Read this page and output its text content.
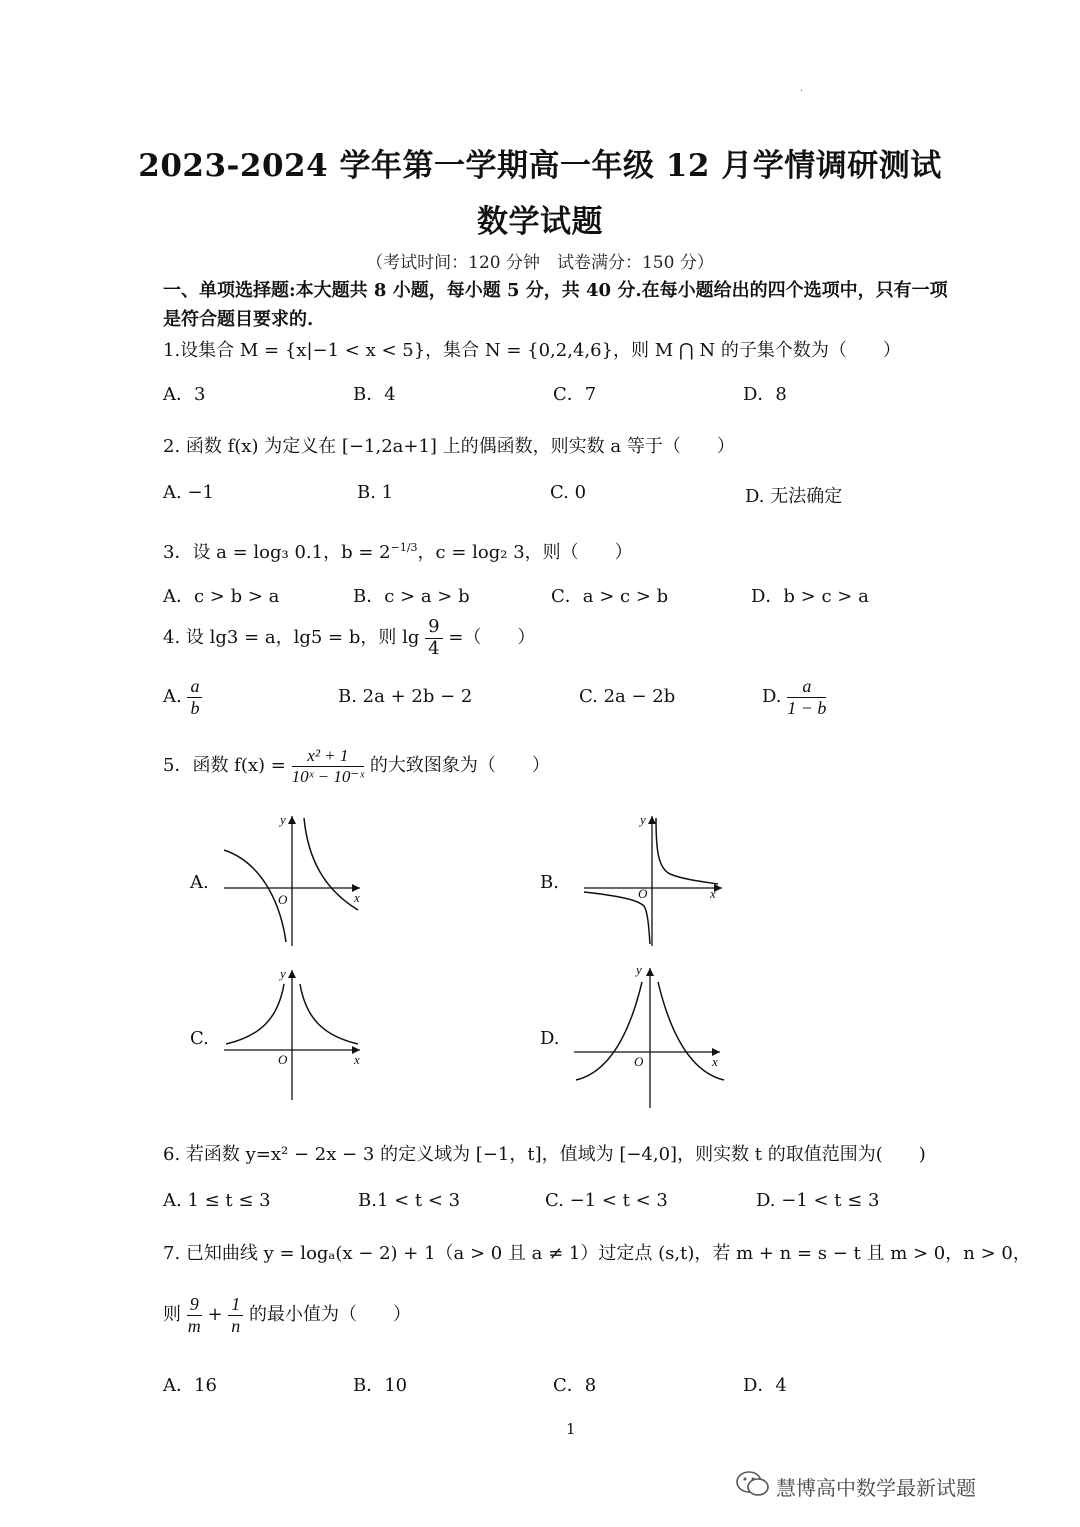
·
2023-2024 学年第一学期高一年级 12 月学情调研测试
数学试题
（考试时间：120 分钟　试卷满分：150 分）
一、单项选择题:本大题共 8 小题，每小题 5 分，共 40 分.在每小题给出的四个选项中，只有一项
是符合题目要求的.
1.设集合 M = {x|−1 < x < 5}，集合 N = {0,2,4,6}，则 M ⋂ N 的子集个数为（　　）
A．3	B．4	C．7	D．8
2. 函数 f(x) 为定义在 [−1,2a+1] 上的偶函数，则实数 a 等于（　　）
A. −1	B. 1	C. 0	D. 无法确定
3．设 a = log₃ 0.1，$b = 2^{-1/3}$，c = log₂ 3，则（　　）
A．c > b > a	B．c > a > b	C．a > c > b	D．b > c > a
4. 设 lg3 = a，lg5 = b，则 $\lg \frac{9}{4}$ =（　　）
A. $\frac{a}{b}$	B. 2a + 2b − 2	C. 2a − 2b	D. $\frac{a}{1 - b}$
5．函数 $f(x) = \frac{\text{x² + 1}}{\text{10ˣ − 10⁻ˣ}}$ 的大致图象为（　　）
A.
x
y
O
B.
x
y
O
C.
x
y
O
D.
x
y
O
6. 若函数 y=x² − 2x − 3 的定义域为 [−1，t]，值域为 [−4,0]，则实数 t 的取值范围为(　　)
A. 1 ≤ t ≤ 3	B.1 < t < 3	C. −1 < t < 3	D. −1 < t ≤ 3
7. 已知曲线 y = logₐ(x − 2) + 1（a > 0 且 a ≠ 1）过定点 (s,t)，若 m + n = s − t 且 m > 0，n > 0，
则 $\frac{9}{m} + \frac{1}{n}$ 的最小值为（　　）
A．16	B．10	C．8	D．4
1
慧博高中数学最新试题
